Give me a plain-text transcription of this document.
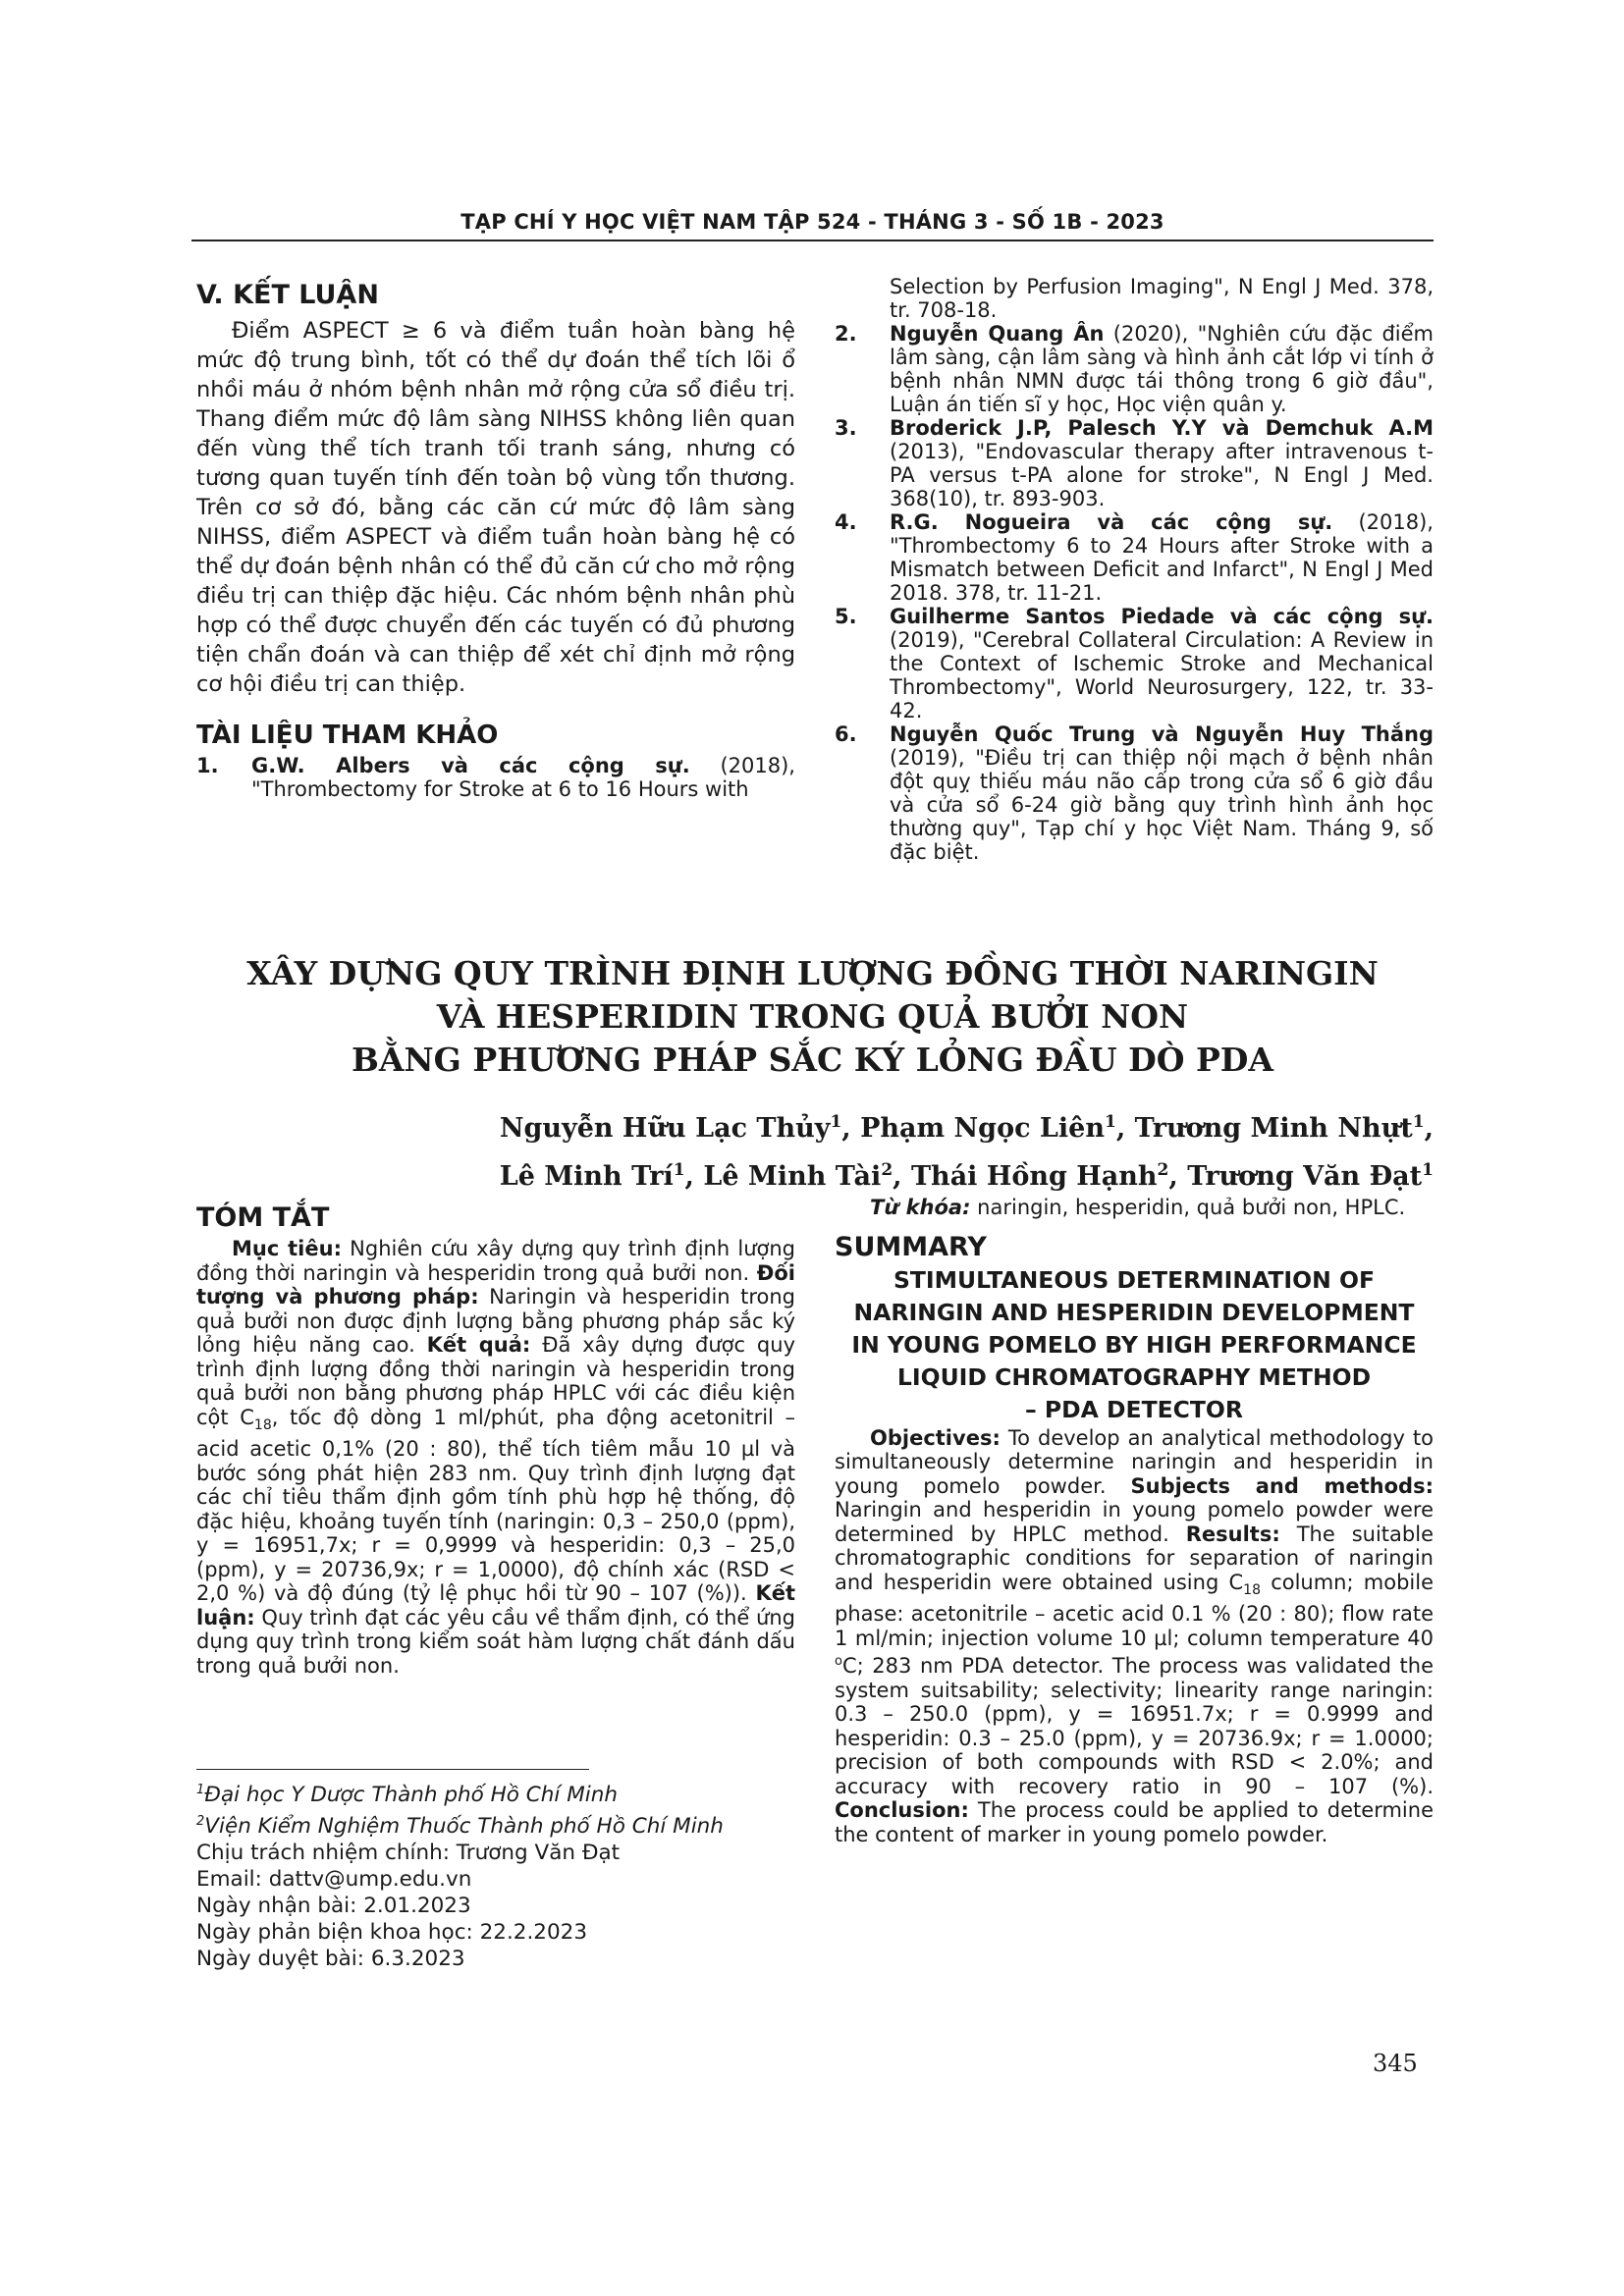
TẠP CHÍ Y HỌC VIỆT NAM TẬP 524 - THÁNG 3 - SỐ 1B - 2023
V. KẾT LUẬN

Điểm ASPECT ≥ 6 và điểm tuần hoàn bàng hệ mức độ trung bình, tốt có thể dự đoán thể tích lõi ổ nhồi máu ở nhóm bệnh nhân mở rộng cửa sổ điều trị. Thang điểm mức độ lâm sàng NIHSS không liên quan đến vùng thể tích tranh tối tranh sáng, nhưng có tương quan tuyến tính đến toàn bộ vùng tổn thương. Trên cơ sở đó, bằng các căn cứ mức độ lâm sàng NIHSS, điểm ASPECT và điểm tuần hoàn bàng hệ có thể dự đoán bệnh nhân có thể đủ căn cứ cho mở rộng điều trị can thiệp đặc hiệu. Các nhóm bệnh nhân phù hợp có thể được chuyển đến các tuyến có đủ phương tiện chẩn đoán và can thiệp để xét chỉ định mở rộng cơ hội điều trị can thiệp.

TÀI LIỆU THAM KHẢO
1. G.W. Albers và các cộng sự. (2018), "Thrombectomy for Stroke at 6 to 16 Hours with
Selection by Perfusion Imaging", N Engl J Med. 378, tr. 708-18.
2. Nguyễn Quang Ân (2020), "Nghiên cứu đặc điểm lâm sàng, cận lâm sàng và hình ảnh cắt lớp vi tính ở bệnh nhân NMN được tái thông trong 6 giờ đầu", Luận án tiến sĩ y học, Học viện quân y.
3. Broderick J.P, Palesch Y.Y và Demchuk A.M (2013), "Endovascular therapy after intravenous t-PA versus t-PA alone for stroke", N Engl J Med. 368(10), tr. 893-903.
4. R.G. Nogueira và các cộng sự. (2018), "Thrombectomy 6 to 24 Hours after Stroke with a Mismatch between Deficit and Infarct", N Engl J Med 2018. 378, tr. 11-21.
5. Guilherme Santos Piedade và các cộng sự. (2019), "Cerebral Collateral Circulation: A Review in the Context of Ischemic Stroke and Mechanical Thrombectomy", World Neurosurgery, 122, tr. 33-42.
6. Nguyễn Quốc Trung và Nguyễn Huy Thắng (2019), "Điều trị can thiệp nội mạch ở bệnh nhân đột quỵ thiếu máu não cấp trong cửa sổ 6 giờ đầu và cửa sổ 6-24 giờ bằng quy trình hình ảnh học thường quy", Tạp chí y học Việt Nam. Tháng 9, số đặc biệt.
XÂY DỰNG QUY TRÌNH ĐỊNH LƯỢNG ĐỒNG THỜI NARINGIN
VÀ HESPERIDIN TRONG QUẢ BƯỞI NON
BẰNG PHƯƠNG PHÁP SẮC KÝ LỎNG ĐẦU DÒ PDA
Nguyễn Hữu Lạc Thủy$^1$, Phạm Ngọc Liên$^1$, Trương Minh Nhựt$^1$,
Lê Minh Trí$^1$, Lê Minh Tài$^2$, Thái Hồng Hạnh$^2$, Trương Văn Đạt$^1$
TÓM TẮT

Mục tiêu: Nghiên cứu xây dựng quy trình định lượng đồng thời naringin và hesperidin trong quả bưởi non. Đối tượng và phương pháp: Naringin và hesperidin trong quả bưởi non được định lượng bằng phương pháp sắc ký lỏng hiệu năng cao. Kết quả: Đã xây dựng được quy trình định lượng đồng thời naringin và hesperidin trong quả bưởi non bằng phương pháp HPLC với các điều kiện cột $C_{18}$, tốc độ dòng 1 ml/phút, pha động acetonitril – acid acetic 0,1% (20 : 80), thể tích tiêm mẫu 10 µl và bước sóng phát hiện 283 nm. Quy trình định lượng đạt các chỉ tiêu thẩm định gồm tính phù hợp hệ thống, độ đặc hiệu, khoảng tuyến tính (naringin: 0,3 – 250,0 (ppm), y = 16951,7x; r = 0,9999 và hesperidin: 0,3 – 25,0 (ppm), y = 20736,9x; r = 1,0000), độ chính xác (RSD < 2,0 %) và độ đúng (tỷ lệ phục hồi từ 90 – 107 (%)). Kết luận: Quy trình đạt các yêu cầu về thẩm định, có thể ứng dụng quy trình trong kiểm soát hàm lượng chất đánh dấu trong quả bưởi non.

Từ khóa: naringin, hesperidin, quả bưởi non, HPLC.

SUMMARY

STIMULTANEOUS DETERMINATION OF

NARINGIN AND HESPERIDIN DEVELOPMENT

IN YOUNG POMELO BY HIGH PERFORMANCE

LIQUID CHROMATOGRAPHY METHOD

– PDA DETECTOR

Objectives: To develop an analytical methodology to simultaneously determine naringin and hesperidin in young pomelo powder. Subjects and methods: Naringin and hesperidin in young pomelo powder were determined by HPLC method. Results: The suitable chromatographic conditions for separation of naringin and hesperidin were obtained using $C_{18}$ column; mobile phase: acetonitrile – acetic acid 0.1 % (20 : 80); flow rate 1 ml/min; injection volume 10 µl; column temperature 40 $^o$C; 283 nm PDA detector. The process was validated the system suitsability; selectivity; linearity range naringin: 0.3 – 250.0 (ppm), y = 16951.7x; r = 0.9999 and hesperidin: 0.3 – 25.0 (ppm), y = 20736.9x; r = 1.0000; precision of both compounds with RSD < 2.0%; and accuracy with recovery ratio in 90 – 107 (%). Conclusion: The process could be applied to determine the content of marker in young pomelo powder.

$^1$Đại học Y Dược Thành phố Hồ Chí Minh
$^2$Viện Kiểm Nghiệm Thuốc Thành phố Hồ Chí Minh
Chịu trách nhiệm chính: Trương Văn Đạt
Email: dattv@ump.edu.vn
Ngày nhận bài: 2.01.2023
Ngày phản biện khoa học: 22.2.2023
Ngày duyệt bài: 6.3.2023
345
